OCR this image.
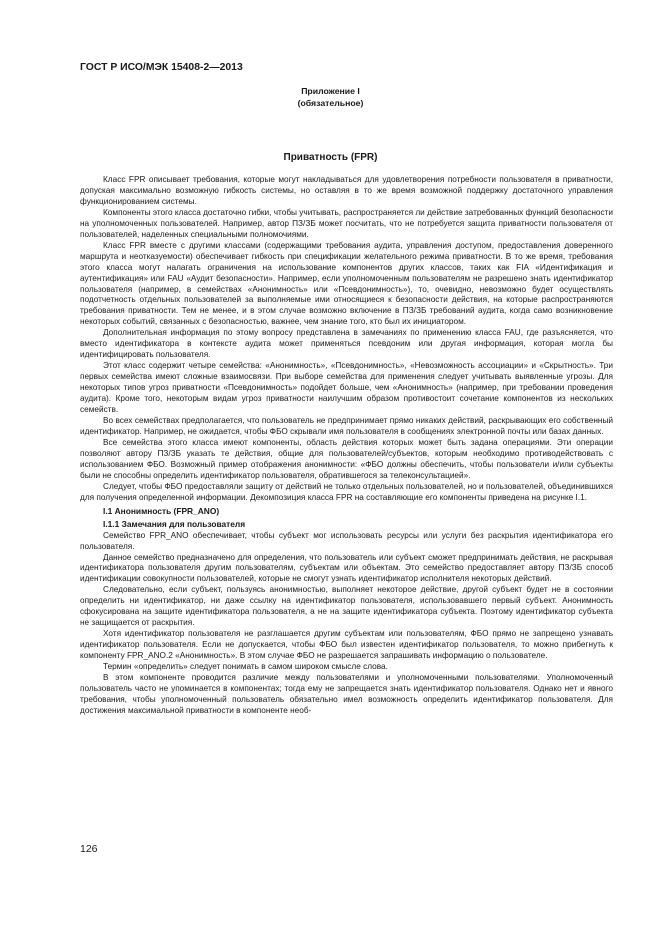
ГОСТ Р ИСО/МЭК 15408-2—2013
Приложение I
(обязательное)
Приватность (FPR)

Класс FPR описывает требования, которые могут накладываться для удовлетворения потребности пользователя в приватности, допуская максимально возможную гибкость системы, но оставляя в то же время возможной поддержку достаточного управления функционированием системы.

Компоненты этого класса достаточно гибки, чтобы учитывать, распространяется ли действие затребованных функций безопасности на уполномоченных пользователей. Например, автор ПЗ/ЗБ может посчитать, что не потребуется защита приватности пользователя от пользователей, наделенных специальными полномочиями.

Класс FPR вместе с другими классами (содержащими требования аудита, управления доступом, предоставления доверенного маршрута и неотказуемости) обеспечивает гибкость при спецификации желательного режима приватности. В то же время, требования этого класса могут налагать ограничения на использование компонентов других классов, таких как FIA «Идентификация и аутентификация» или FAU «Аудит безопасности». Например, если уполномоченным пользователям не разрешено знать идентификатор пользователя (например, в семействах «Анонимность» или «Псевдонимность»), то, очевидно, невозможно будет осуществлять подотчетность отдельных пользователей за выполняемые ими относящиеся к безопасности действия, на которые распространяются требования приватности. Тем не менее, и в этом случае возможно включение в ПЗ/ЗБ требований аудита, когда само возникновение некоторых событий, связанных с безопасностью, важнее, чем знание того, кто был их инициатором.

Дополнительная информация по этому вопросу представлена в замечаниях по применению класса FAU, где разъясняется, что вместо идентификатора в контексте аудита может применяться псевдоним или другая информация, которая могла бы идентифицировать пользователя.

Этот класс содержит четыре семейства: «Анонимность», «Псевдонимность», «Невозможность ассоциации» и «Скрытность». Три первых семейства имеют сложные взаимосвязи. При выборе семейства для применения следует учитывать выявленные угрозы. Для некоторых типов угроз приватности «Псевдонимность» подойдет больше, чем «Анонимность» (например, при требовании проведения аудита). Кроме того, некоторым видам угроз приватности наилучшим образом противостоит сочетание компонентов из нескольких семейств.

Во всех семействах предполагается, что пользователь не предпринимает прямо никаких действий, раскрывающих его собственный идентификатор. Например, не ожидается, чтобы ФБО скрывали имя пользователя в сообщениях электронной почты или базах данных.

Все семейства этого класса имеют компоненты, область действия которых может быть задана операциями. Эти операции позволяют автору ПЗ/ЗБ указать те действия, общие для пользователей/субъектов, которым необходимо противодействовать с использованием ФБО. Возможный пример отображения анонимности: «ФБО должны обеспечить, чтобы пользователи и/или субъекты были не способны определить идентификатор пользователя, обратившегося за телеконсультацией».

Следует, чтобы ФБО предоставляли защиту от действий не только отдельных пользователей, но и пользователей, объединившихся для получения определенной информации. Декомпозиция класса FPR на составляющие его компоненты приведена на рисунке I.1.

I.1 Анонимность (FPR_ANO)
I.1.1 Замечания для пользователя

Семейство FPR_ANO обеспечивает, чтобы субъект мог использовать ресурсы или услуги без раскрытия идентификатора его пользователя.

Данное семейство предназначено для определения, что пользователь или субъект сможет предпринимать действия, не раскрывая идентификатора пользователя другим пользователям, субъектам или объектам. Это семейство предоставляет автору ПЗ/ЗБ способ идентификации совокупности пользователей, которые не смогут узнать идентификатор исполнителя некоторых действий.

Следовательно, если субъект, пользуясь анонимностью, выполняет некоторое действие, другой субъект будет не в состоянии определить ни идентификатор, ни даже ссылку на идентификатор пользователя, использовавшего первый субъект. Анонимность сфокусирована на защите идентификатора пользователя, а не на защите идентификатора субъекта. Поэтому идентификатор субъекта не защищается от раскрытия.

Хотя идентификатор пользователя не разглашается другим субъектам или пользователям, ФБО прямо не запрещено узнавать идентификатор пользователя. Если не допускается, чтобы ФБО был известен идентификатор пользователя, то можно прибегнуть к компоненту FPR_ANO.2 «Анонимность». В этом случае ФБО не разрешается запрашивать информацию о пользователе.

Термин «определить» следует понимать в самом широком смысле слова.

В этом компоненте проводится различие между пользователями и уполномоченными пользователями. Уполномоченный пользователь часто не упоминается в компонентах; тогда ему не запрещается знать идентификатор пользователя. Однако нет и явного требования, чтобы уполномоченный пользователь обязательно имел возможность определить идентификатор пользователя. Для достижения максимальной приватности в компоненте необ-

126
